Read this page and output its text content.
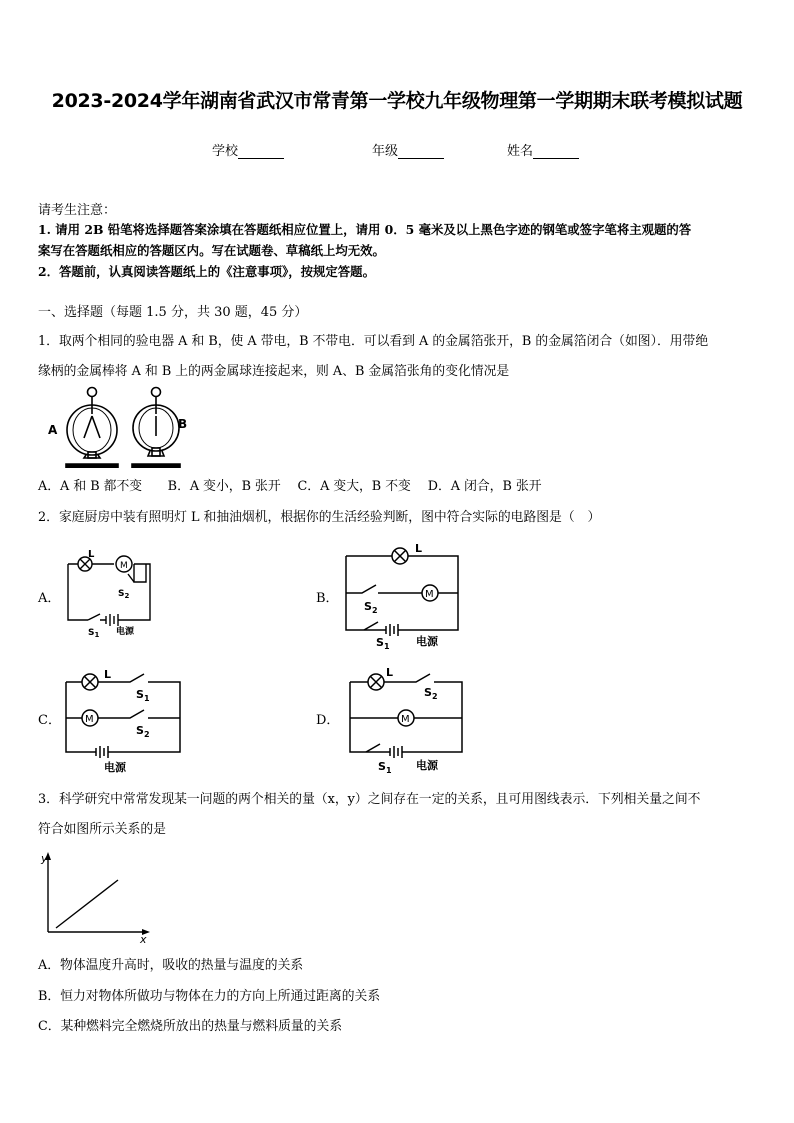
2023-2024学年湖南省武汉市常青第一学校九年级物理第一学期期末联考模拟试题
学校	年级	姓名
请考生注意：
1. 请用 2B 铅笔将选择题答案涂填在答题纸相应位置上，请用 0．5 毫米及以上黑色字迹的钢笔或签字笔将主观题的答
案写在答题纸相应的答题区内。写在试题卷、草稿纸上均无效。
2．答题前，认真阅读答题纸上的《注意事项》，按规定答题。
一、选择题（每题 1.5 分，共 30 题，45 分）
1．取两个相同的验电器 A 和 B，使 A 带电，B 不带电．可以看到 A 的金属箔张开，B 的金属箔闭合（如图）．用带绝
缘柄的金属棒将 A 和 B 上的两金属球连接起来，则 A、B 金属箔张角的变化情况是
A	B
A．A 和 B 都不变　　B．A 变小，B 张开　 C．A 变大，B 不变　 D．A 闭合，B 张开
2．家庭厨房中装有照明灯 L 和抽油烟机，根据你的生活经验判断，图中符合实际的电路图是（　）
A．	B．
C．	D．
M
L
$S_2$
$S_1$ 电源
M
L
$S_2$
$S_1$ 电源
M
L
$S_1$
$S_2$
电源
M
L
$S_2$
$S_1$ 电源
3．科学研究中常常发现某一问题的两个相关的量（x，y）之间存在一定的关系，且可用图线表示．下列相关量之间不
符合如图所示关系的是
y
x
A．物体温度升高时，吸收的热量与温度的关系
B．恒力对物体所做功与物体在力的方向上所通过距离的关系
C．某种燃料完全燃烧所放出的热量与燃料质量的关系
